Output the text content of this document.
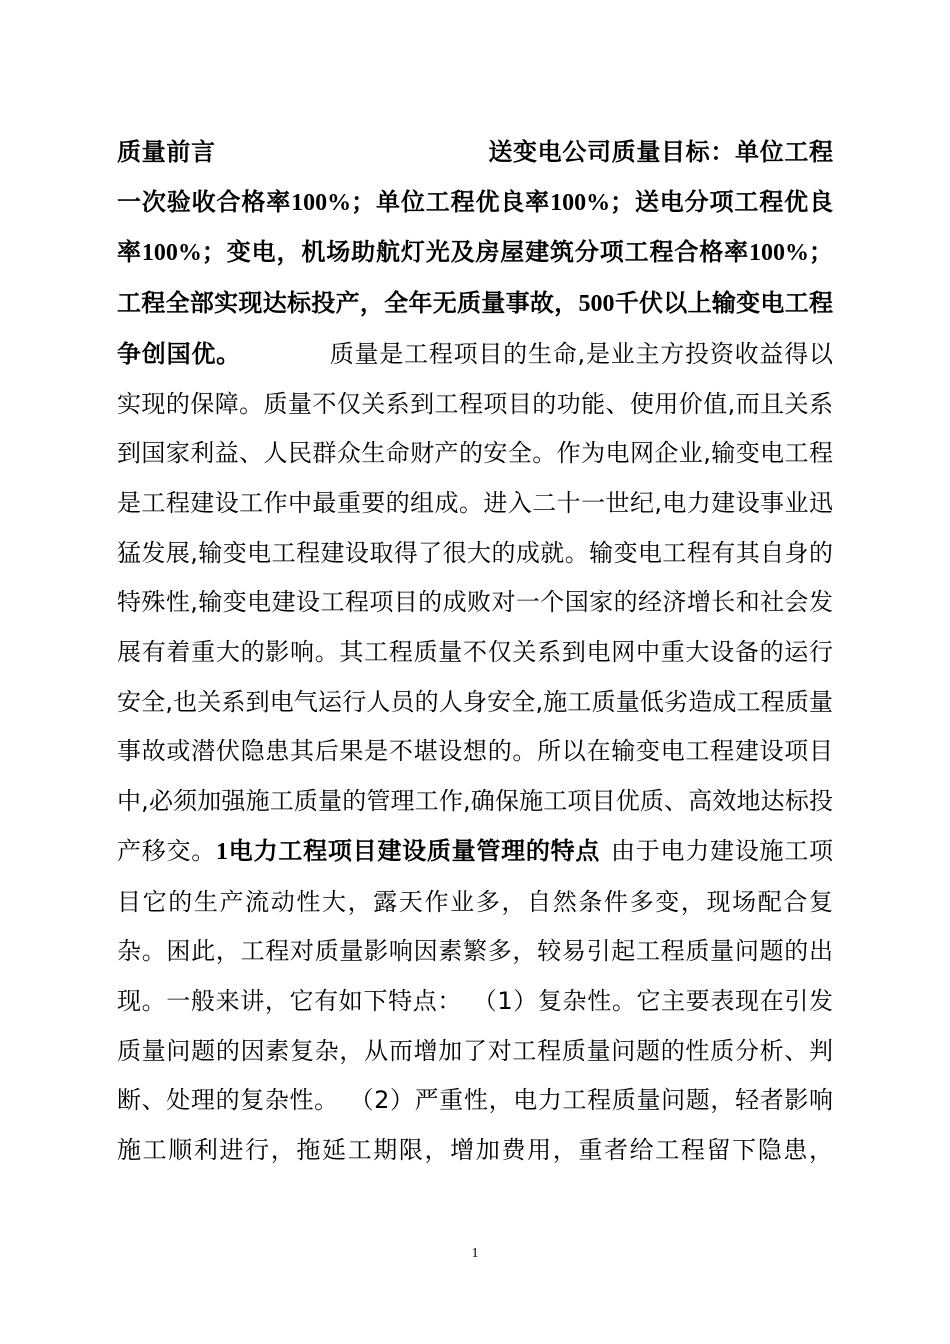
质量前言	送变电公司质量目标：单位工程一次验收合格率100%；单位工程优良率100%；送电分项工程优良率100%；变电，机场助航灯光及房屋建筑分项工程合格率100%；工程全部实现达标投产，全年无质量事故，500千伏以上输变电工程争创国优。	质量是工程项目的生命,是业主方投资收益得以实现的保障。质量不仅关系到工程项目的功能、使用价值,而且关系到国家利益、人民群众生命财产的安全。作为电网企业,输变电工程是工程建设工作中最重要的组成。进入二十一世纪,电力建设事业迅猛发展,输变电工程建设取得了很大的成就。输变电工程有其自身的特殊性,输变电建设工程项目的成败对一个国家的经济增长和社会发展有着重大的影响。其工程质量不仅关系到电网中重大设备的运行安全,也关系到电气运行人员的人身安全,施工质量低劣造成工程质量事故或潜伏隐患其后果是不堪设想的。所以在输变电工程建设项目中,必须加强施工质量的管理工作,确保施工项目优质、高效地达标投产移交。1电力工程项目建设质量管理的特点 由于电力建设施工项目它的生产流动性大，露天作业多，自然条件多变，现场配合复杂。困此，工程对质量影响因素繁多，较易引起工程质量问题的出现。一般来讲，它有如下特点： （1）复杂性。它主要表现在引发质量问题的因素复杂，从而增加了对工程质量问题的性质分析、判断、处理的复杂性。 （2）严重性，电力工程质量问题，轻者影响施工顺利进行，拖延工期限，增加费用，重者给工程留下隐患，
1
